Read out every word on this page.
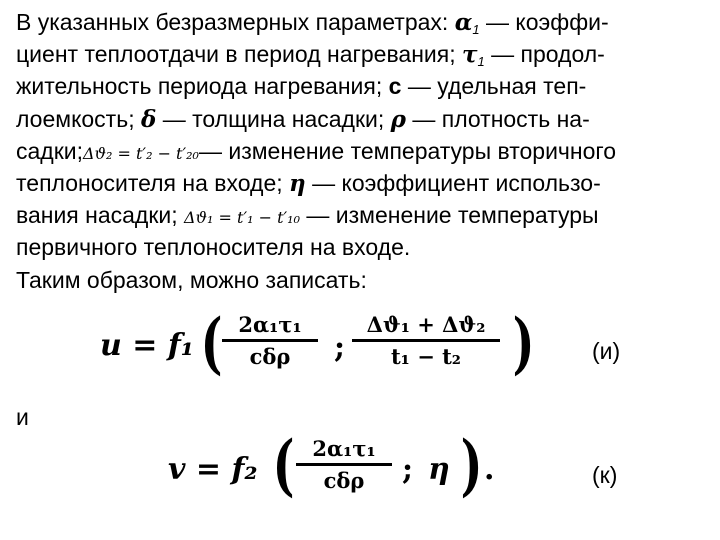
В указанных безразмерных параметрах: $\alpha_1$ — коэффи-
циент теплоотдачи в период нагревания; $\tau_1$ — продол-
жительность периода нагревания; c — удельная теп-
лоемкость; δ — толщина насадки; ρ — плотность на-
садки;Δϑ₂ = t′₂ − t′₂₀— изменение температуры вторичного
теплоносителя на входе; η — коэффициент использо-
вания насадки; Δϑ₁ = t′₁ − t′₁₀ — изменение температуры
первичного теплоносителя на входе.
Таким образом, можно записать:
u = f₁ ( 2α₁τ₁
cδρ	; $\frac{\text{Δϑ₁ + Δϑ₂}}{\text{t₁ − t₂}}$ ) (и)
и
v = f₂ ( 2α₁τ₁
cδρ	; η ) .	(к)
